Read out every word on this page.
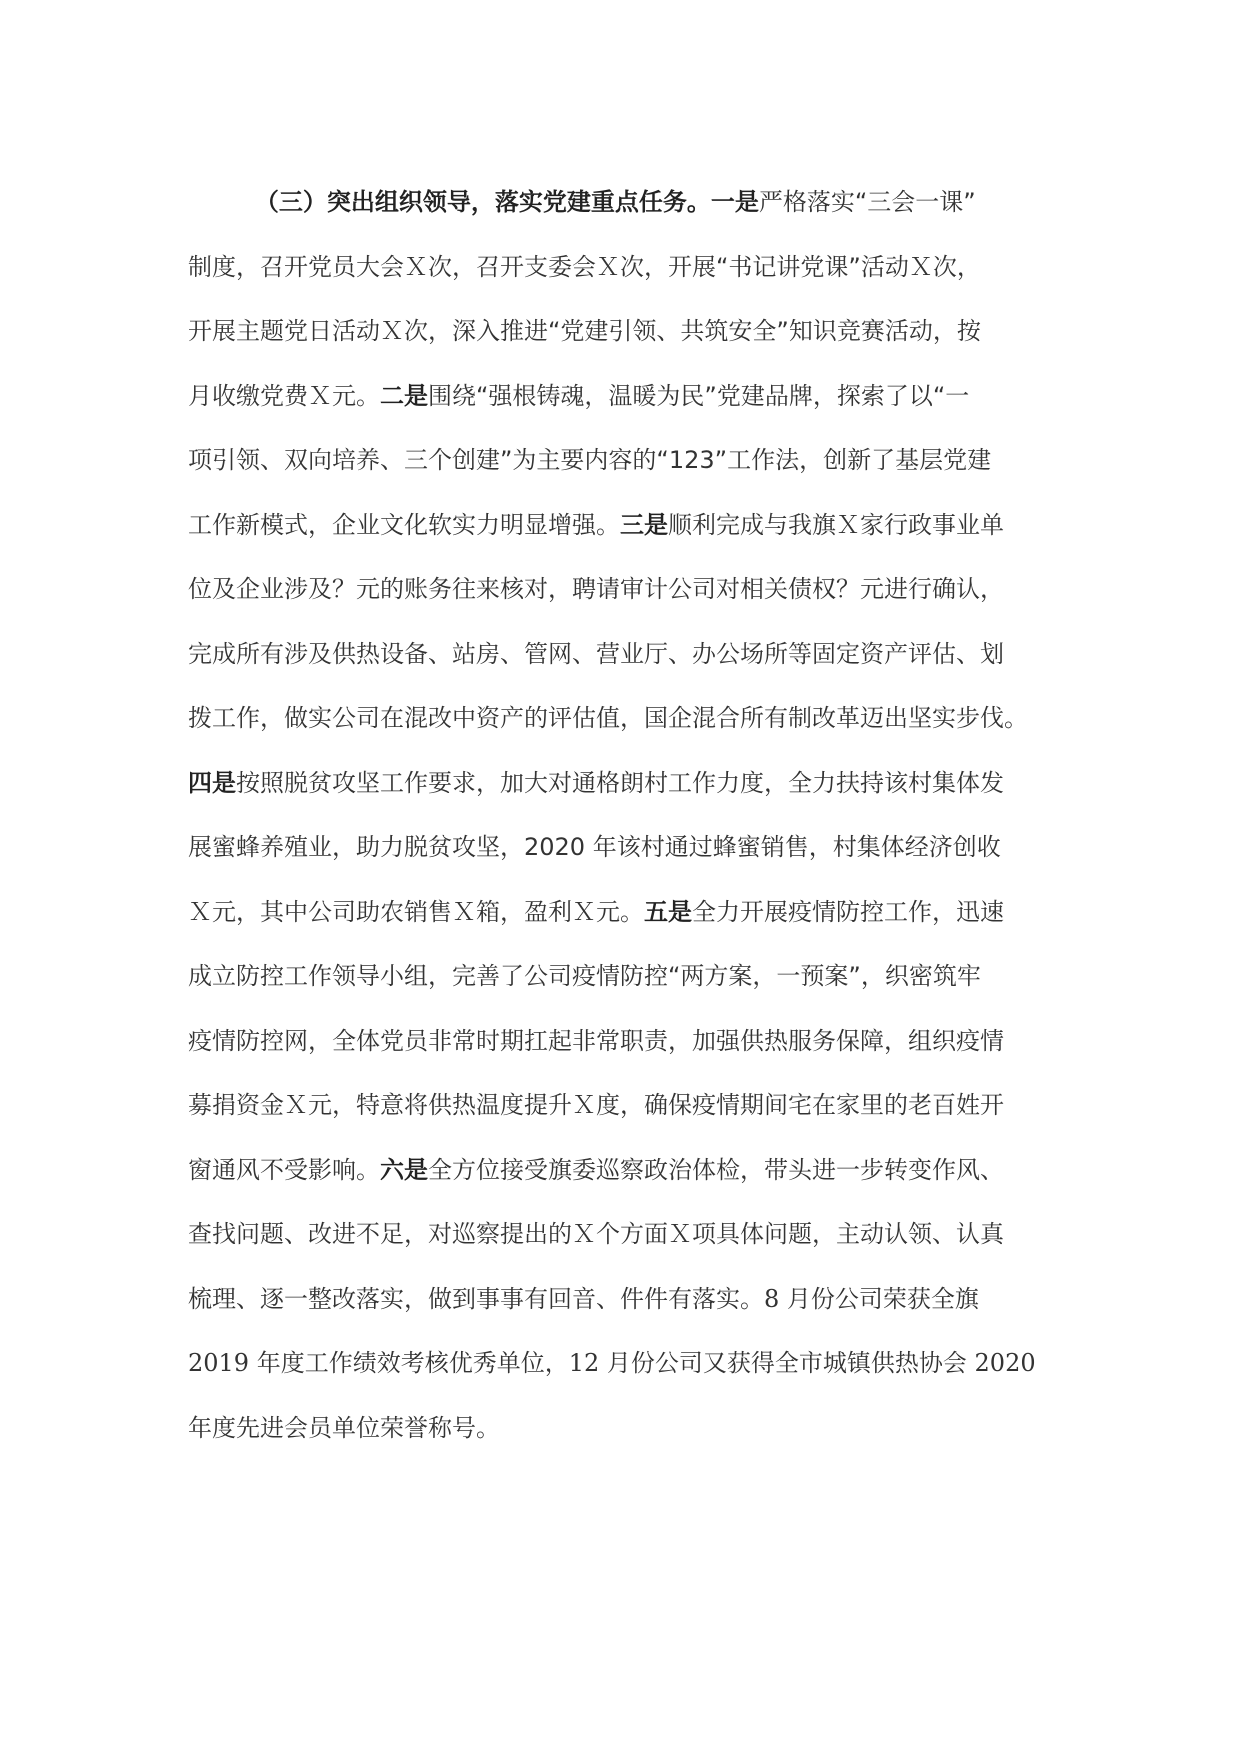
（三）突出组织领导，落实党建重点任务。一是严格落实“三会一课”

制度，召开党员大会Ｘ次，召开支委会Ｘ次，开展“书记讲党课”活动Ｘ次，

开展主题党日活动Ｘ次，深入推进“党建引领、共筑安全”知识竞赛活动，按

月收缴党费Ｘ元。二是围绕“强根铸魂，温暖为民”党建品牌，探索了以“一

项引领、双向培养、三个创建”为主要内容的“123”工作法，创新了基层党建

工作新模式，企业文化软实力明显增强。三是顺利完成与我旗Ｘ家行政事业单

位及企业涉及？元的账务往来核对，聘请审计公司对相关债权？元进行确认，

完成所有涉及供热设备、站房、管网、营业厅、办公场所等固定资产评估、划

拨工作，做实公司在混改中资产的评估值，国企混合所有制改革迈出坚实步伐。

四是按照脱贫攻坚工作要求，加大对通格朗村工作力度，全力扶持该村集体发

展蜜蜂养殖业，助力脱贫攻坚，2020 年该村通过蜂蜜销售，村集体经济创收

Ｘ元，其中公司助农销售Ｘ箱，盈利Ｘ元。五是全力开展疫情防控工作，迅速

成立防控工作领导小组，完善了公司疫情防控“两方案，一预案”，织密筑牢

疫情防控网，全体党员非常时期扛起非常职责，加强供热服务保障，组织疫情

募捐资金Ｘ元，特意将供热温度提升Ｘ度，确保疫情期间宅在家里的老百姓开

窗通风不受影响。六是全方位接受旗委巡察政治体检，带头进一步转变作风、

查找问题、改进不足，对巡察提出的Ｘ个方面Ｘ项具体问题，主动认领、认真

梳理、逐一整改落实，做到事事有回音、件件有落实。8 月份公司荣获全旗

2019 年度工作绩效考核优秀单位，12 月份公司又获得全市城镇供热协会 2020

年度先进会员单位荣誉称号。
